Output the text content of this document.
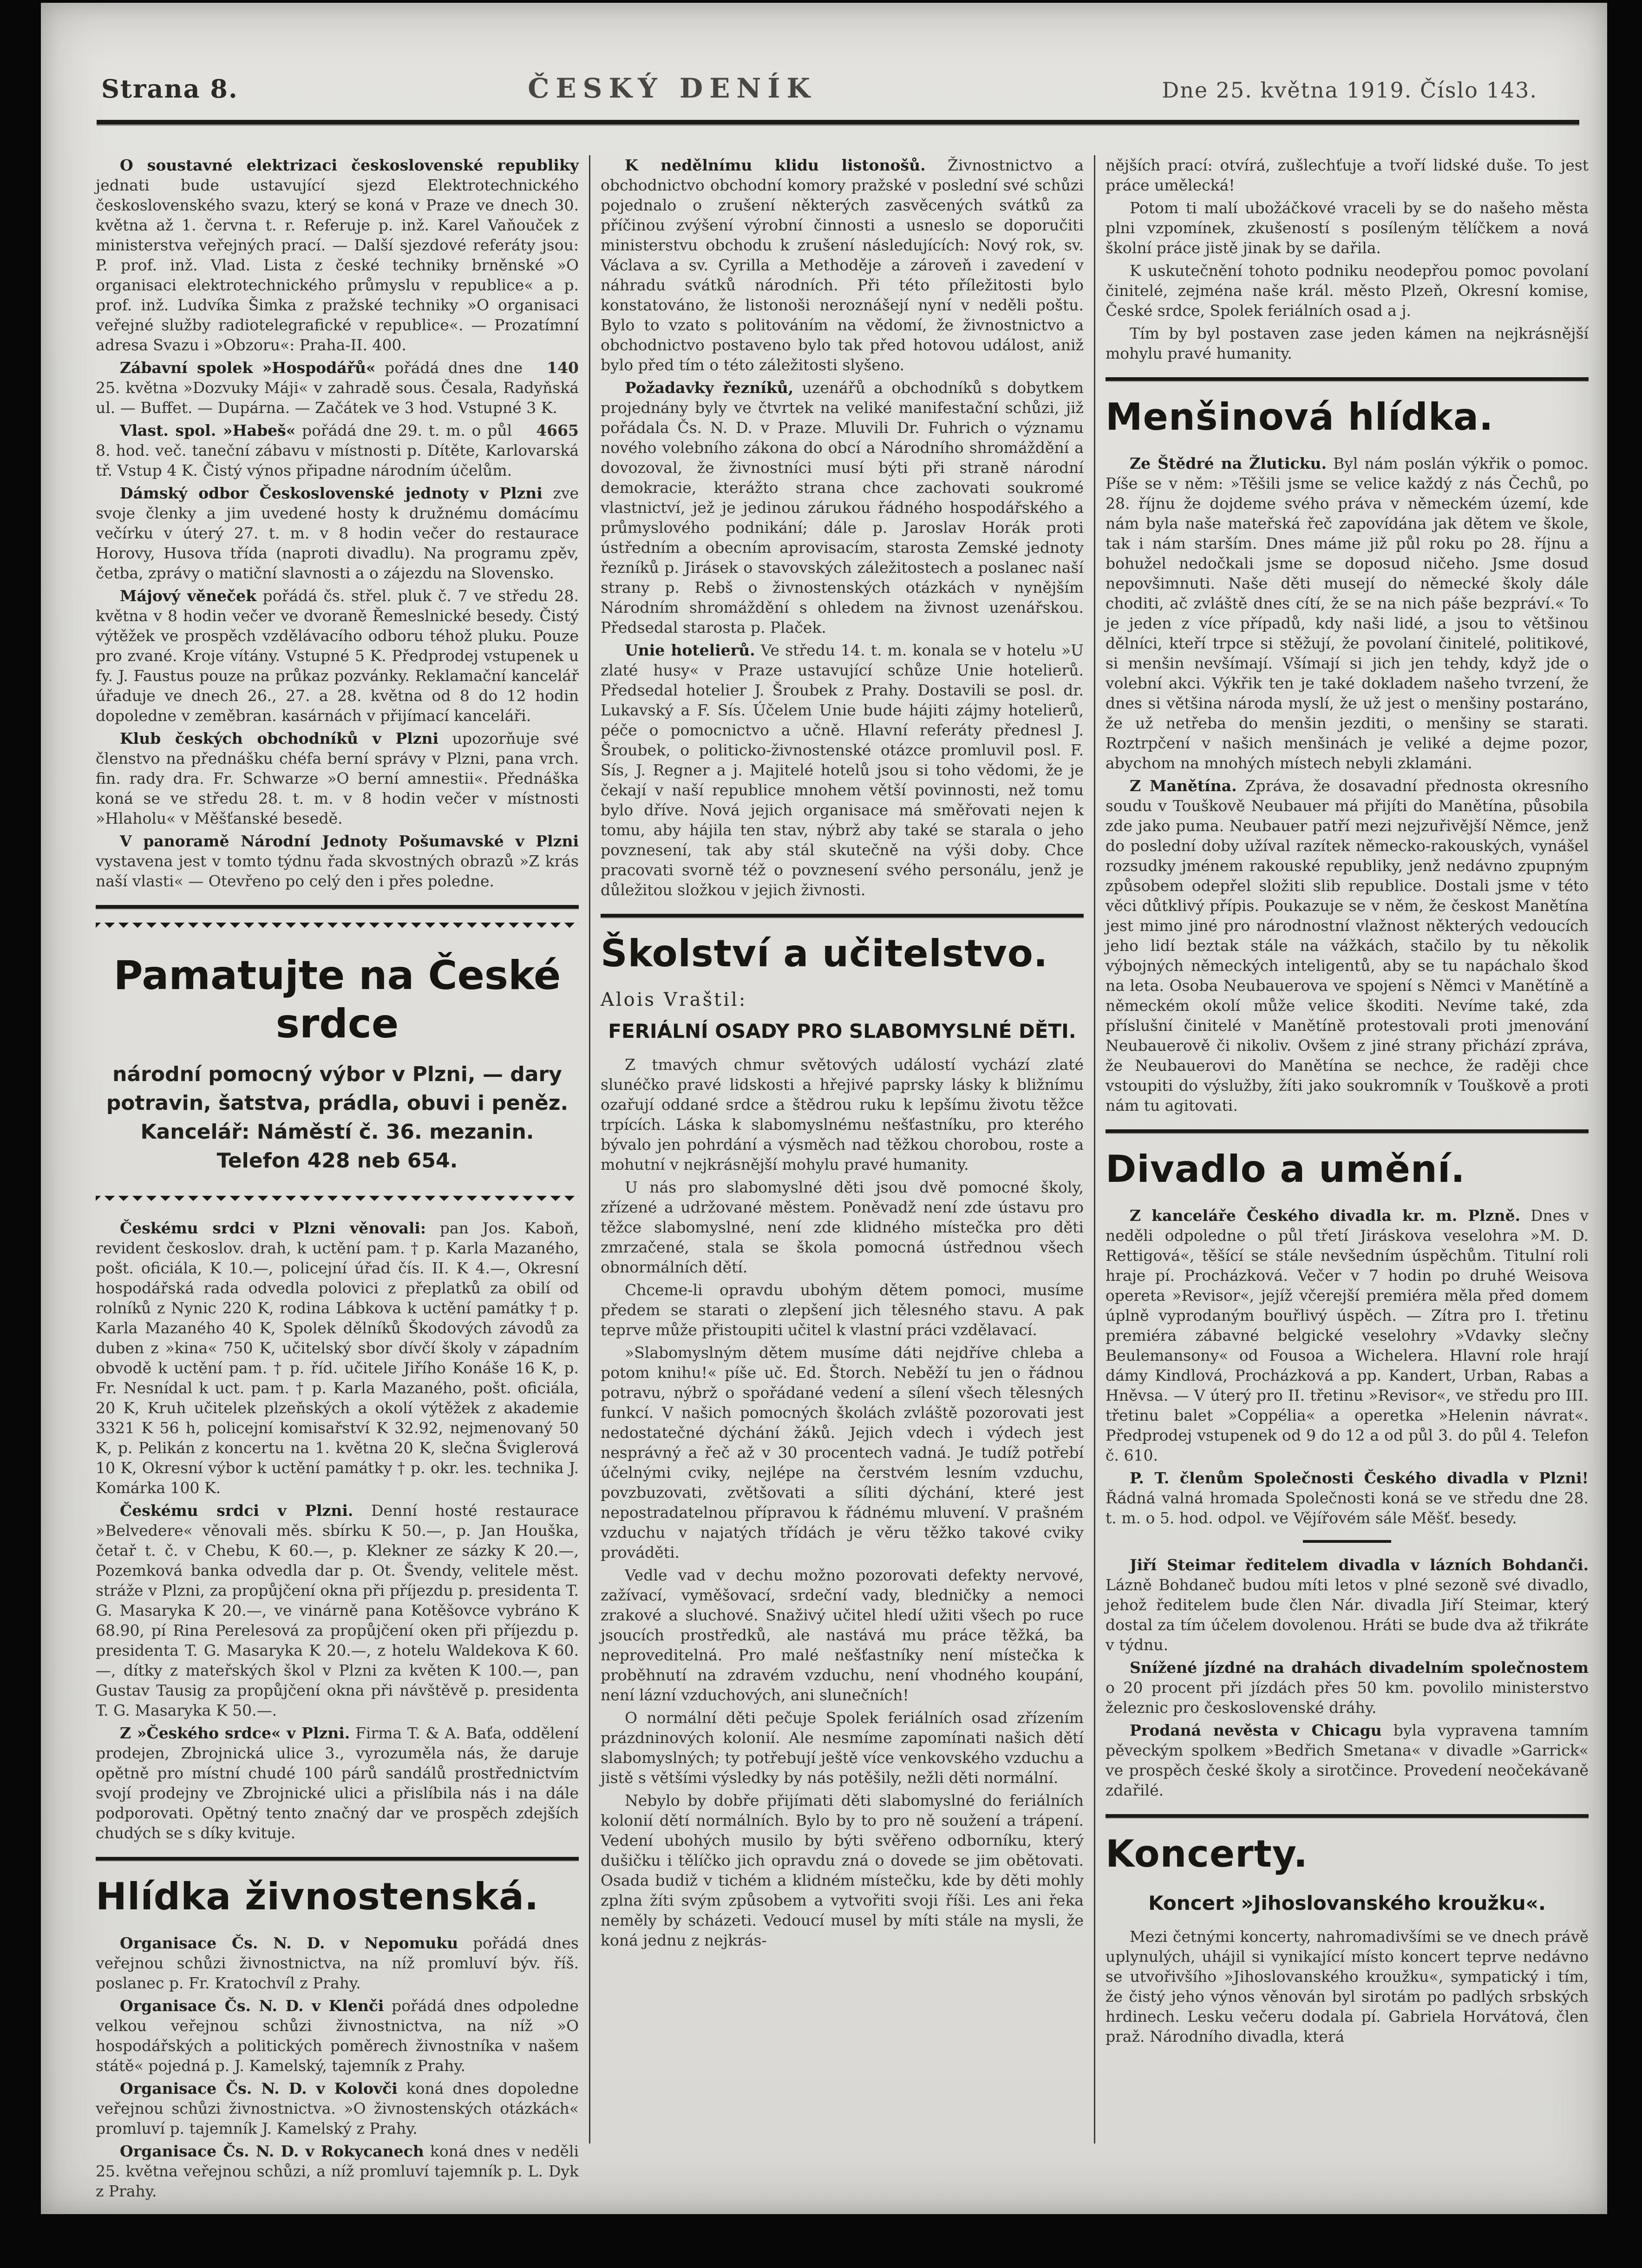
Strana 8.	ČESKÝ DENÍK	Dne 25. května 1919. Číslo 143.

O soustavné elektrizaci československé republiky jednati bude ustavující sjezd Elektrotechnického československého svazu, který se koná v Praze ve dnech 30. května až 1. června t. r. Referuje p. inž. Karel Vaňouček z ministerstva veřejných prací. — Další sjezdové referáty jsou: P. prof. inž. Vlad. Lista z české techniky brněnské »O organisaci elektrotechnického průmyslu v republice« a p. prof. inž. Ludvíka Šimka z pražské techniky »O organisaci veřejné služby radiotelegrafické v republice«. — Prozatímní adresa Svazu i »Obzoru«: Praha-II. 400.

Zábavní spolek »Hospodářů«	140
pořádá dnes dne 25. května »Dozvuky Máji« v zahradě sous. Česala, Radyňská ul. — Buffet. — Dupárna. — Začátek ve 3 hod. Vstupné 3 K.

Vlast. spol. »Habeš«	4665
pořádá dne 29. t. m. o půl 8. hod. več. taneční zábavu v místnosti p. Dítěte, Karlovarská tř. Vstup 4 K. Čistý výnos připadne národním účelům.

Dámský odbor Československé jednoty v Plzni zve svoje členky a jim uvedené hosty k družnému domácímu večírku v úterý 27. t. m. v 8 hodin večer do restaurace Horovy, Husova třída (naproti divadlu). Na programu zpěv, četba, zprávy o matiční slavnosti a o zájezdu na Slovensko.

Májový věneček pořádá čs. střel. pluk č. 7 ve středu 28. května v 8 hodin večer ve dvoraně Řemeslnické besedy. Čistý výtěžek ve prospěch vzdělávacího odboru téhož pluku. Pouze pro zvané. Kroje vítány. Vstupné 5 K. Předprodej vstupenek u fy. J. Faustus pouze na průkaz pozvánky. Reklamační kancelář úřaduje ve dnech 26., 27. a 28. května od 8 do 12 hodin dopoledne v zeměbran. kasárnách v přijímací kanceláři.

Klub českých obchodníků v Plzni upozorňuje své členstvo na přednášku chéfa berní správy v Plzni, pana vrch. fin. rady dra. Fr. Schwarze »O berní amnestii«. Přednáška koná se ve středu 28. t. m. v 8 hodin večer v místnosti »Hlaholu« v Měšťanské besedě.

V panoramě Národní Jednoty Pošumavské v Plzni vystavena jest v tomto týdnu řada skvostných obrazů »Z krás naší vlasti« — Otevřeno po celý den i přes poledne.

Pamatujte na České srdce
národní pomocný výbor v Plzni, — dary
potravin, šatstva, prádla, obuvi i peněz.
Kancelář: Náměstí č. 36. mezanin.
Telefon 428 neb 654.

Českému srdci v Plzni věnovali: pan Jos. Kaboň, revident českoslov. drah, k uctění pam. † p. Karla Mazaného, pošt. oficiála, K 10.—, policejní úřad čís. II. K 4.—, Okresní hospodářská rada odvedla polovici z přeplatků za obilí od rolníků z Nynic 220 K, rodina Lábkova k uctění památky † p. Karla Mazaného 40 K, Spolek dělníků Škodových závodů za duben z »kina« 750 K, učitelský sbor dívčí školy v západním obvodě k uctění pam. † p. říd. učitele Jiřího Konáše 16 K, p. Fr. Nesnídal k uct. pam. † p. Karla Mazaného, pošt. oficiála, 20 K, Kruh učitelek plzeňských a okolí výtěžek z akademie 3321 K 56 h, policejní komisařství K 32.92, nejmenovaný 50 K, p. Pelikán z koncertu na 1. května 20 K, slečna Šviglerová 10 K, Okresní výbor k uctění památky † p. okr. les. technika J. Komárka 100 K.

Českému srdci v Plzni. Denní hosté restaurace »Belvedere« věnovali měs. sbírku K 50.—, p. Jan Houška, četař t. č. v Chebu, K 60.—, p. Klekner ze sázky K 20.—, Pozemková banka odvedla dar p. Ot. Švendy, velitele měst. stráže v Plzni, za propůjčení okna při příjezdu p. presidenta T. G. Masaryka K 20.—, ve vinárně pana Kotěšovce vybráno K 68.90, pí Rina Perelesová za propůjčení oken při příjezdu p. presidenta T. G. Masaryka K 20.—, z hotelu Waldekova K 60.—, dítky z mateřských škol v Plzni za květen K 100.—, pan Gustav Tausig za propůjčení okna při návštěvě p. presidenta T. G. Masaryka K 50.—.

Z »Českého srdce« v Plzni. Firma T. & A. Baťa, oddělení prodejen, Zbrojnická ulice 3., vyrozuměla nás, že daruje opětně pro místní chudé 100 párů sandálů prostřednictvím svojí prodejny ve Zbrojnické ulici a přislíbila nás i na dále podporovati. Opětný tento značný dar ve prospěch zdejších chudých se s díky kvituje.

Hlídka živnostenská.

Organisace Čs. N. D. v Nepomuku pořádá dnes veřejnou schůzi živnostnictva, na níž promluví býv. říš. poslanec p. Fr. Kratochvíl z Prahy.

Organisace Čs. N. D. v Klenči pořádá dnes odpoledne velkou veřejnou schůzi živnostnictva, na níž »O hospodářských a politických poměrech živnostníka v našem státě« pojedná p. J. Kamelský, tajemník z Prahy.

Organisace Čs. N. D. v Kolovči koná dnes dopoledne veřejnou schůzi živnostnictva. »O živnostenských otázkách« promluví p. tajemník J. Kamelský z Prahy.

Organisace Čs. N. D. v Rokycanech koná dnes v neděli 25. května veřejnou schůzi, a níž promluví tajemník p. L. Dyk z Prahy.

K nedělnímu klidu listonošů. Živnostnictvo a obchodnictvo obchodní komory pražské v poslední své schůzi pojednalo o zrušení některých zasvěcených svátků za příčinou zvýšení výrobní činnosti a usneslo se doporučiti ministerstvu obchodu k zrušení následujících: Nový rok, sv. Václava a sv. Cyrilla a Methoděje a zároveň i zavedení v náhradu svátků národních. Při této příležitosti bylo konstatováno, že listonoši neroznášejí nyní v neděli poštu. Bylo to vzato s politováním na vědomí, že živnostnictvo a obchodnictvo postaveno bylo tak před hotovou událost, aniž bylo před tím o této záležitosti slyšeno.

Požadavky řezníků, uzenářů a obchodníků s dobytkem projednány byly ve čtvrtek na veliké manifestační schůzi, již pořádala Čs. N. D. v Praze. Mluvili Dr. Fuhrich o významu nového volebního zákona do obcí a Národního shromáždění a dovozoval, že živnostníci musí býti při straně národní demokracie, kterážto strana chce zachovati soukromé vlastnictví, jež je jedinou zárukou řádného hospodářského a průmyslového podnikání; dále p. Jaroslav Horák proti ústředním a obecním aprovisacím, starosta Zemské jednoty řezníků p. Jirásek o stavovských záležitostech a poslanec naší strany p. Rebš o živnostenských otázkách v nynějším Národním shromáždění s ohledem na živnost uzenářskou. Předsedal starosta p. Plaček.

Unie hotelierů. Ve středu 14. t. m. konala se v hotelu »U zlaté husy« v Praze ustavující schůze Unie hotelierů. Předsedal hotelier J. Šroubek z Prahy. Dostavili se posl. dr. Lukavský a F. Sís. Účelem Unie bude hájiti zájmy hotelierů, péče o pomocnictvo a učně. Hlavní referáty přednesl J. Šroubek, o politicko-živnostenské otázce promluvil posl. F. Sís, J. Regner a j. Majitelé hotelů jsou si toho vědomi, že je čekají v naší republice mnohem větší povinnosti, než tomu bylo dříve. Nová jejich organisace má směřovati nejen k tomu, aby hájila ten stav, nýbrž aby také se starala o jeho povznesení, tak aby stál skutečně na výši doby. Chce pracovati svorně též o povznesení svého personálu, jenž je důležitou složkou v jejich živnosti.

Školství a učitelstvo.

Alois Vraštil:

FERIÁLNÍ OSADY PRO SLABOMYSLNÉ DĚTI.

Z tmavých chmur světových událostí vychází zlaté slunéčko pravé lidskosti a hřejivé paprsky lásky k bližnímu ozařují oddané srdce a štědrou ruku k lepšímu životu těžce trpících. Láska k slabomyslnému nešťastníku, pro kterého bývalo jen pohrdání a výsměch nad těžkou chorobou, roste a mohutní v nejkrásnější mohylu pravé humanity.

U nás pro slabomyslné děti jsou dvě pomocné školy, zřízené a udržované městem. Poněvadž není zde ústavu pro těžce slabomyslné, není zde klidného místečka pro děti zmrzačené, stala se škola pomocná ústřednou všech obnormálních dětí.

Chceme-li opravdu ubohým dětem pomoci, musíme předem se starati o zlepšení jich tělesného stavu. A pak teprve může přistoupiti učitel k vlastní práci vzdělavací.

»Slabomyslným dětem musíme dáti nejdříve chleba a potom knihu!« píše uč. Ed. Štorch. Neběží tu jen o řádnou potravu, nýbrž o spořádané vedení a sílení všech tělesných funkcí. V našich pomocných školách zvláště pozorovati jest nedostatečné dýchání žáků. Jejich vdech i výdech jest nesprávný a řeč až v 30 procentech vadná. Je tudíž potřebí účelnými cviky, nejlépe na čerstvém lesním vzduchu, povzbuzovati, zvětšovati a síliti dýchání, které jest nepostradatelnou přípravou k řádnému mluvení. V prašném vzduchu v najatých třídách je věru těžko takové cviky prováděti.

Vedle vad v dechu možno pozorovati defekty nervové, zažívací, vyměšovací, srdeční vady, bledničky a nemoci zrakové a sluchové. Snaživý učitel hledí užiti všech po ruce jsoucích prostředků, ale nastává mu práce těžká, ba neproveditelná. Pro malé nešťastníky není místečka k proběhnutí na zdravém vzduchu, není vhodného koupání, není lázní vzduchových, ani slunečních!

O normální děti pečuje Spolek feriálních osad zřízením prázdninových kolonií. Ale nesmíme zapomínati našich dětí slabomyslných; ty potřebují ještě více venkovského vzduchu a jistě s většími výsledky by nás potěšily, nežli děti normální.

Nebylo by dobře přijímati děti slabomyslné do feriálních kolonií dětí normálních. Bylo by to pro ně soužení a trápení. Vedení ubohých musilo by býti svěřeno odborníku, který dušičku i tělíčko jich opravdu zná o dovede se jim obětovati. Osada budiž v tichém a klidném místečku, kde by děti mohly zplna žíti svým způsobem a vytvořiti svoji říši. Les ani řeka neměly by scházeti. Vedoucí musel by míti stále na mysli, že koná jednu z nejkrás-

nějších prací: otvírá, zušlechťuje a tvoří lidské duše. To jest práce umělecká!

Potom ti malí ubožáčkové vraceli by se do našeho města plni vzpomínek, zkušeností s posíleným tělíčkem a nová školní práce jistě jinak by se dařila.

K uskutečnění tohoto podniku neodepřou pomoc povolaní činitelé, zejména naše král. město Plzeň, Okresní komise, České srdce, Spolek feriálních osad a j.

Tím by byl postaven zase jeden kámen na nejkrásnější mohylu pravé humanity.

Menšinová hlídka.

Ze Štědré na Žluticku. Byl nám poslán výkřik o pomoc. Píše se v něm: »Těšili jsme se velice každý z nás Čechů, po 28. říjnu že dojdeme svého práva v německém území, kde nám byla naše mateřská řeč zapovídána jak dětem ve škole, tak i nám starším. Dnes máme již půl roku po 28. říjnu a bohužel nedočkali jsme se doposud ničeho. Jsme dosud nepovšimnuti. Naše děti musejí do německé školy dále choditi, ač zvláště dnes cítí, že se na nich páše bezpráví.« To je jeden z více případů, kdy naši lidé, a jsou to většinou dělníci, kteří trpce si stěžují, že povolaní činitelé, politikové, si menšin nevšímají. Všímají si jich jen tehdy, když jde o volební akci. Výkřik ten je také dokladem našeho tvrzení, že dnes si většina národa myslí, že už jest o menšiny postaráno, že už netřeba do menšin jezditi, o menšiny se starati. Roztrpčení v našich menšinách je veliké a dejme pozor, abychom na mnohých místech nebyli zklamáni.

Z Manětína. Zpráva, že dosavadní přednosta okresního soudu v Touškově Neubauer má přijíti do Manětína, působila zde jako puma. Neubauer patří mezi nejzuřivější Němce, jenž do poslední doby užíval razítek německo-rakouských, vynášel rozsudky jménem rakouské republiky, jenž nedávno zpupným způsobem odepřel složiti slib republice. Dostali jsme v této věci důtklivý přípis. Poukazuje se v něm, že českost Manětína jest mimo jiné pro národnostní vlažnost některých vedoucích jeho lidí beztak stále na vážkách, stačilo by tu několik výbojných německých inteligentů, aby se tu napáchalo škod na leta. Osoba Neubauerova ve spojení s Němci v Manětíně a německém okolí může velice škoditi. Nevíme také, zda příslušní činitelé v Manětíně protestovali proti jmenování Neubauerově či nikoliv. Ovšem z jiné strany přichází zpráva, že Neubauerovi do Manětína se nechce, že raději chce vstoupiti do výslužby, žíti jako soukromník v Touškově a proti nám tu agitovati.

Divadlo a umění.

Z kanceláře Českého divadla kr. m. Plzně. Dnes v neděli odpoledne o půl třetí Jiráskova veselohra »M. D. Rettigová«, těšící se stále nevšedním úspěchům. Titulní roli hraje pí. Procházková. Večer v 7 hodin po druhé Weisova opereta »Revisor«, jejíž včerejší premiéra měla před domem úplně vyprodaným bouřlivý úspěch. — Zítra pro I. třetinu premiéra zábavné belgické veselohry »Vdavky slečny Beulemansony« od Fousoa a Wichelera. Hlavní role hrají dámy Kindlová, Procházková a pp. Kandert, Urban, Rabas a Hněvsa. — V úterý pro II. třetinu »Revisor«, ve středu pro III. třetinu balet »Coppélia« a operetka »Helenin návrat«. Předprodej vstupenek od 9 do 12 a od půl 3. do půl 4. Telefon č. 610.

P. T. členům Společnosti Českého divadla v Plzni! Řádná valná hromada Společnosti koná se ve středu dne 28. t. m. o 5. hod. odpol. ve Vějířovém sále Měšť. besedy.

Jiří Steimar ředitelem divadla v lázních Bohdanči. Lázně Bohdaneč budou míti letos v plné sezoně své divadlo, jehož ředitelem bude člen Nár. divadla Jiří Steimar, který dostal za tím účelem dovolenou. Hráti se bude dva až třikráte v týdnu.

Snížené jízdné na drahách divadelním společnostem o 20 procent při jízdách přes 50 km. povolilo ministerstvo železnic pro československé dráhy.

Prodaná nevěsta v Chicagu byla vypravena tamním pěveckým spolkem »Bedřich Smetana« v divadle »Garrick« ve prospěch české školy a sirotčince. Provedení neočekávaně zdařilé.

Koncerty.

Koncert »Jihoslovanského kroužku«.

Mezi četnými koncerty, nahromadivšími se ve dnech právě uplynulých, uhájil si vynikající místo koncert teprve nedávno se utvořivšího »Jihoslovanského kroužku«, sympatický i tím, že čistý jeho výnos věnován byl sirotám po padlých srbských hrdinech. Lesku večeru dodala pí. Gabriela Horvátová, člen praž. Národního divadla, která
